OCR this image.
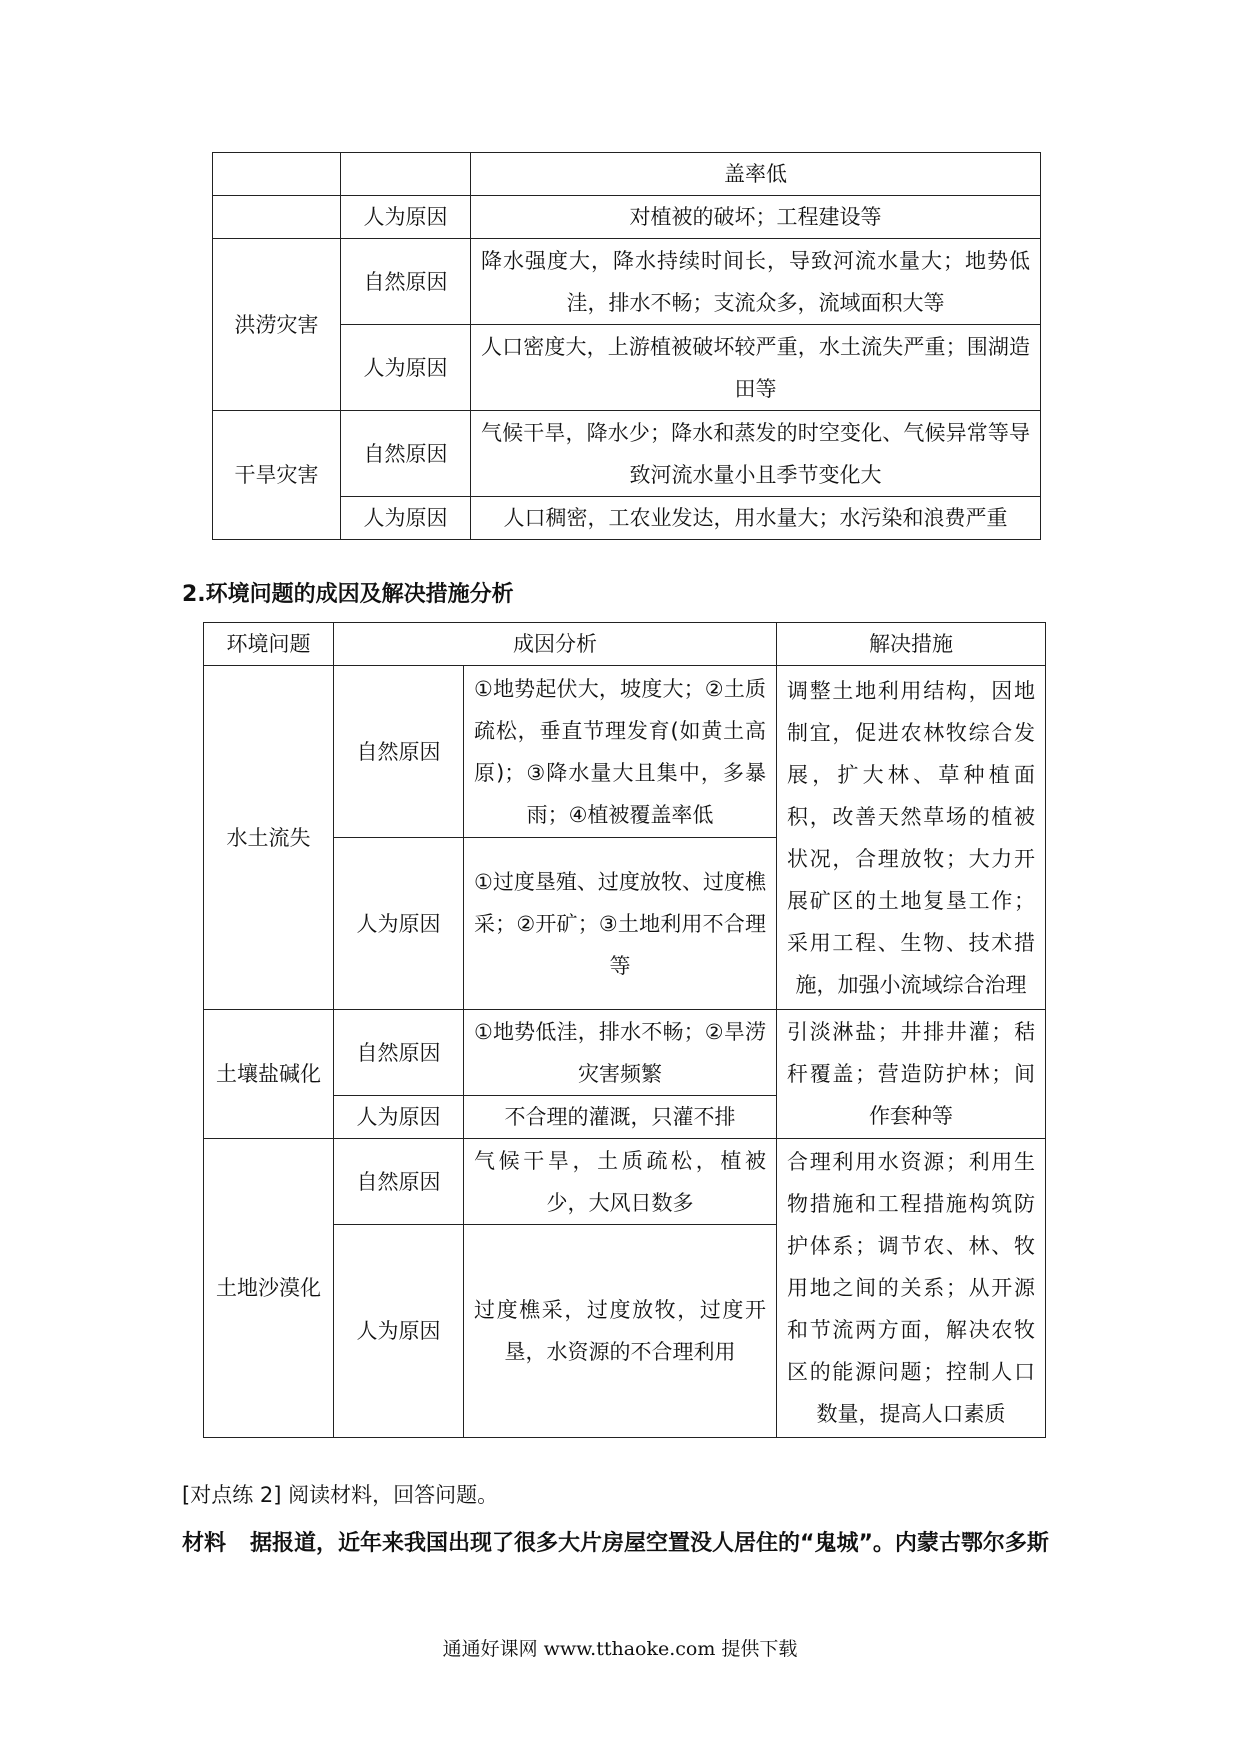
		盖率低
	人为原因	对植被的破坏；工程建设等
洪涝灾害	自然原因	降水强度大，降水持续时间长，导致河流水量大；地势低洼，排水不畅；支流众多，流域面积大等
	人为原因	人口密度大，上游植被破坏较严重，水土流失严重；围湖造田等
干旱灾害	自然原因	气候干旱，降水少；降水和蒸发的时空变化、气候异常等导致河流水量小且季节变化大
	人为原因	人口稠密，工农业发达，用水量大；水污染和浪费严重
2.环境问题的成因及解决措施分析
环境问题	成因分析		解决措施
水土流失	自然原因	①地势起伏大，坡度大；②土质疏松，垂直节理发育(如黄土高原)；③降水量大且集中，多暴雨；④植被覆盖率低	调整土地利用结构，因地制宜，促进农林牧综合发展，扩大林、草种植面积，改善天然草场的植被状况，合理放牧；大力开展矿区的土地复垦工作；采用工程、生物、技术措施，加强小流域综合治理
	人为原因	①过度垦殖、过度放牧、过度樵采；②开矿；③土地利用不合理等	
土壤盐碱化	自然原因	①地势低洼，排水不畅；②旱涝灾害频繁	引淡淋盐；井排井灌；秸秆覆盖；营造防护林；间作套种等
	人为原因	不合理的灌溉，只灌不排	
土地沙漠化	自然原因	气候干旱，土质疏松，植被少，大风日数多	合理利用水资源；利用生物措施和工程措施构筑防护体系；调节农、林、牧用地之间的关系；从开源和节流两方面，解决农牧区的能源问题；控制人口数量，提高人口素质
	人为原因	过度樵采，过度放牧，过度开垦，水资源的不合理利用	
[对点练 2] 阅读材料，回答问题。
材料 据报道，近年来我国出现了很多大片房屋空置没人居住的“鬼城”。内蒙古鄂尔多斯
通通好课网 www.tthaoke.com 提供下载
